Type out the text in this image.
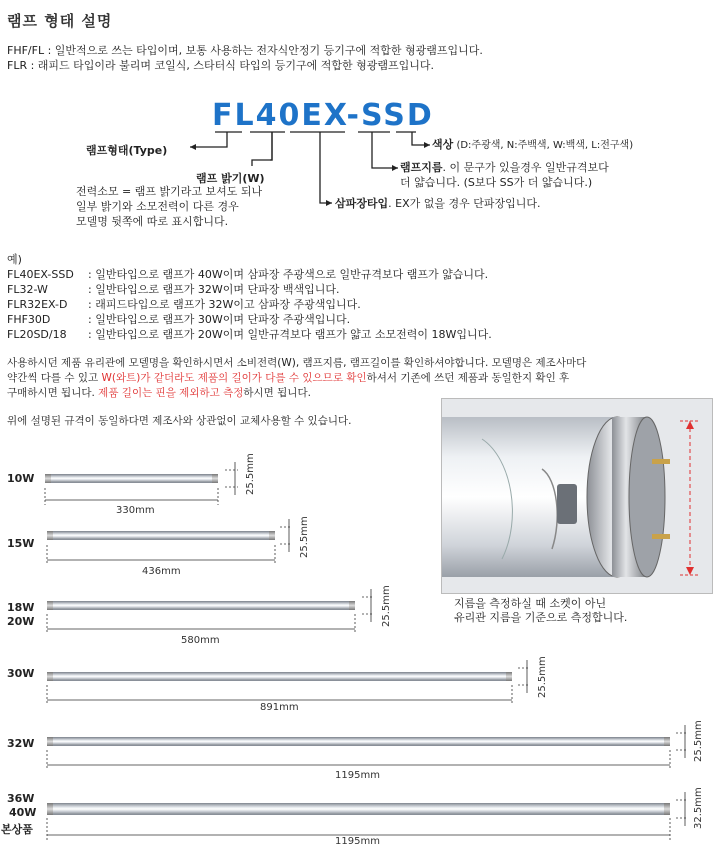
램프 형태 설명
FHF/FL : 일반적으로 쓰는 타입이며, 보통 사용하는 전자식안정기 등기구에 적합한 형광램프입니다.
FLR : 래피드 타입이라 불리며 코일식, 스타터식 타입의 등기구에 적합한 형광램프입니다.
FL40EX-SSD
램프형태(Type)
램프 밝기(W)
전력소모 = 램프 밝기라고 보셔도 되나
일부 밝기와 소모전력이 다른 경우
모델명 뒷쪽에 따로 표시합니다.
색상 (D:주광색, N:주백색, W:백색, L:전구색)
램프지름. 이 문구가 있을경우 일반규격보다
더 얇습니다. (S보다 SS가 더 얇습니다.)
삼파장타입. EX가 없을 경우 단파장입니다.
예)
FL40EX-SSD : 일반타입으로 램프가 40W이며 삼파장 주광색으로 일반규격보다 램프가 얇습니다.
FL32-W	: 일반타입으로 램프가 32W이며 단파장 백색입니다.
FLR32EX-D : 래피드타입으로 램프가 32W이고 삼파장 주광색입니다.
FHF30D	: 일반타입으로 램프가 30W이며 단파장 주광색입니다.
FL20SD/18 : 일반타입으로 램프가 20W이며 일반규격보다 램프가 얇고 소모전력이 18W입니다.
사용하시던 제품 유리관에 모델명을 확인하시면서 소비전력(W), 램프지름, 램프길이를 확인하셔야합니다. 모델명은 제조사마다
약간씩 다를 수 있고 W(와트)가 같더라도 제품의 길이가 다를 수 있으므로 확인하셔서 기존에 쓰던 제품과 동일한지 확인 후
구매하시면 됩니다. 제품 길이는 핀을 제외하고 측정하시면 됩니다.
위에 설명된 규격이 동일하다면 제조사와 상관없이 교체사용할 수 있습니다.
지름을 측정하실 때 소켓이 아닌
유리관 지름을 기준으로 측정합니다.
10W
15W
18W
20W
30W
32W
36W
40W
본상품
330mm
436mm
580mm
891mm
1195mm
1195mm
25.5mm
25.5mm
25.5mm
25.5mm
25.5mm
32.5mm
